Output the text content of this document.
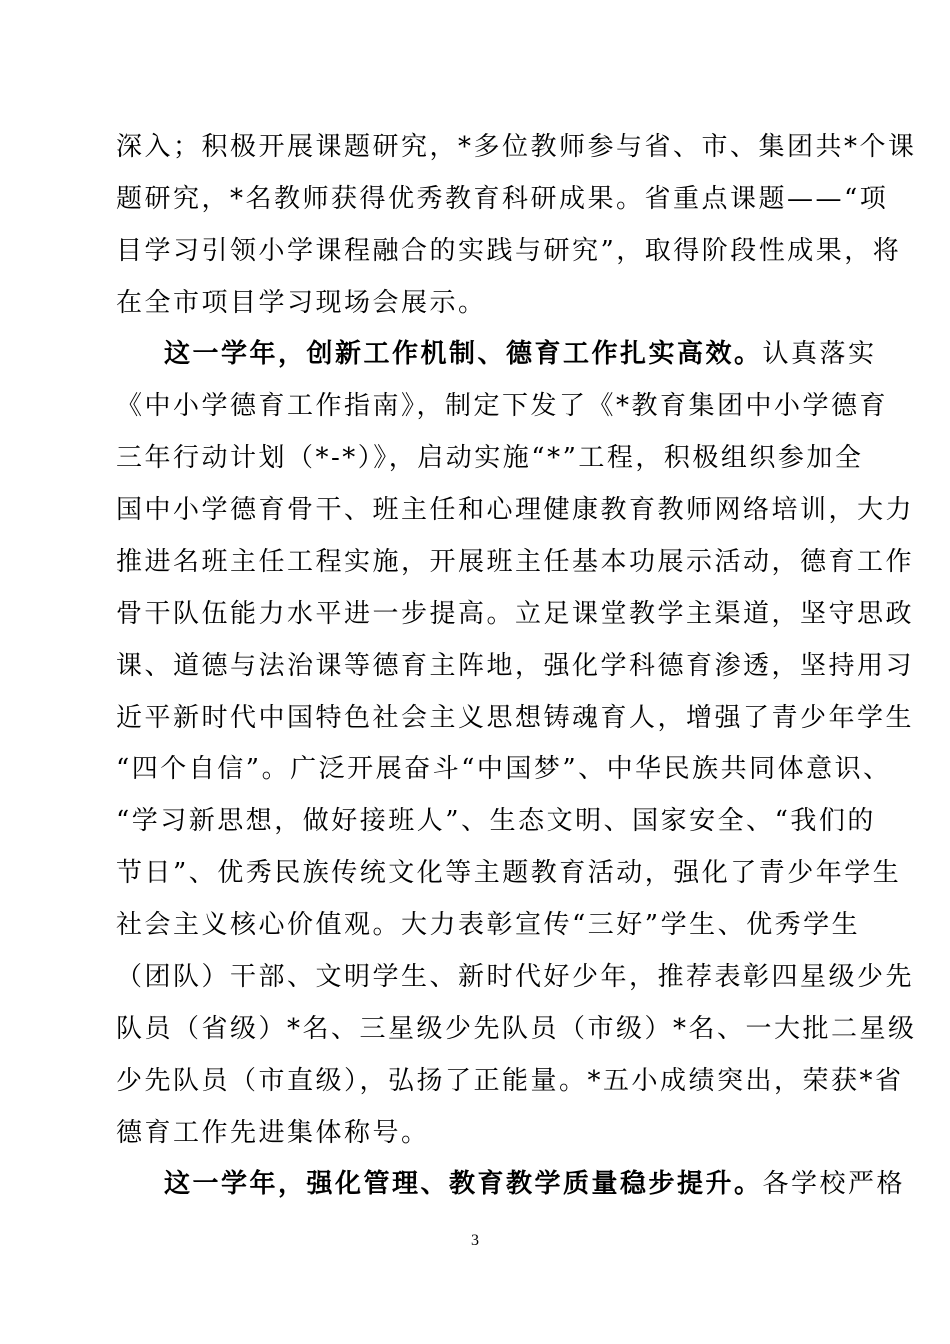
深入；积极开展课题研究，*多位教师参与省、市、集团共*个课
题研究，*名教师获得优秀教育科研成果。省重点课题——“项
目学习引领小学课程融合的实践与研究”，取得阶段性成果，将
在全市项目学习现场会展示。
这一学年，创新工作机制、德育工作扎实高效。认真落实
《中小学德育工作指南》，制定下发了《*教育集团中小学德育
三年行动计划（*-*）》，启动实施“*”工程，积极组织参加全
国中小学德育骨干、班主任和心理健康教育教师网络培训，大力
推进名班主任工程实施，开展班主任基本功展示活动，德育工作
骨干队伍能力水平进一步提高。立足课堂教学主渠道，坚守思政
课、道德与法治课等德育主阵地，强化学科德育渗透，坚持用习
近平新时代中国特色社会主义思想铸魂育人，增强了青少年学生
“四个自信”。广泛开展奋斗“中国梦”、中华民族共同体意识、
“学习新思想，做好接班人”、生态文明、国家安全、“我们的
节日”、优秀民族传统文化等主题教育活动，强化了青少年学生
社会主义核心价值观。大力表彰宣传“三好”学生、优秀学生
（团队）干部、文明学生、新时代好少年，推荐表彰四星级少先
队员（省级）*名、三星级少先队员（市级）*名、一大批二星级
少先队员（市直级），弘扬了正能量。*五小成绩突出，荣获*省
德育工作先进集体称号。
这一学年，强化管理、教育教学质量稳步提升。各学校严格
3
